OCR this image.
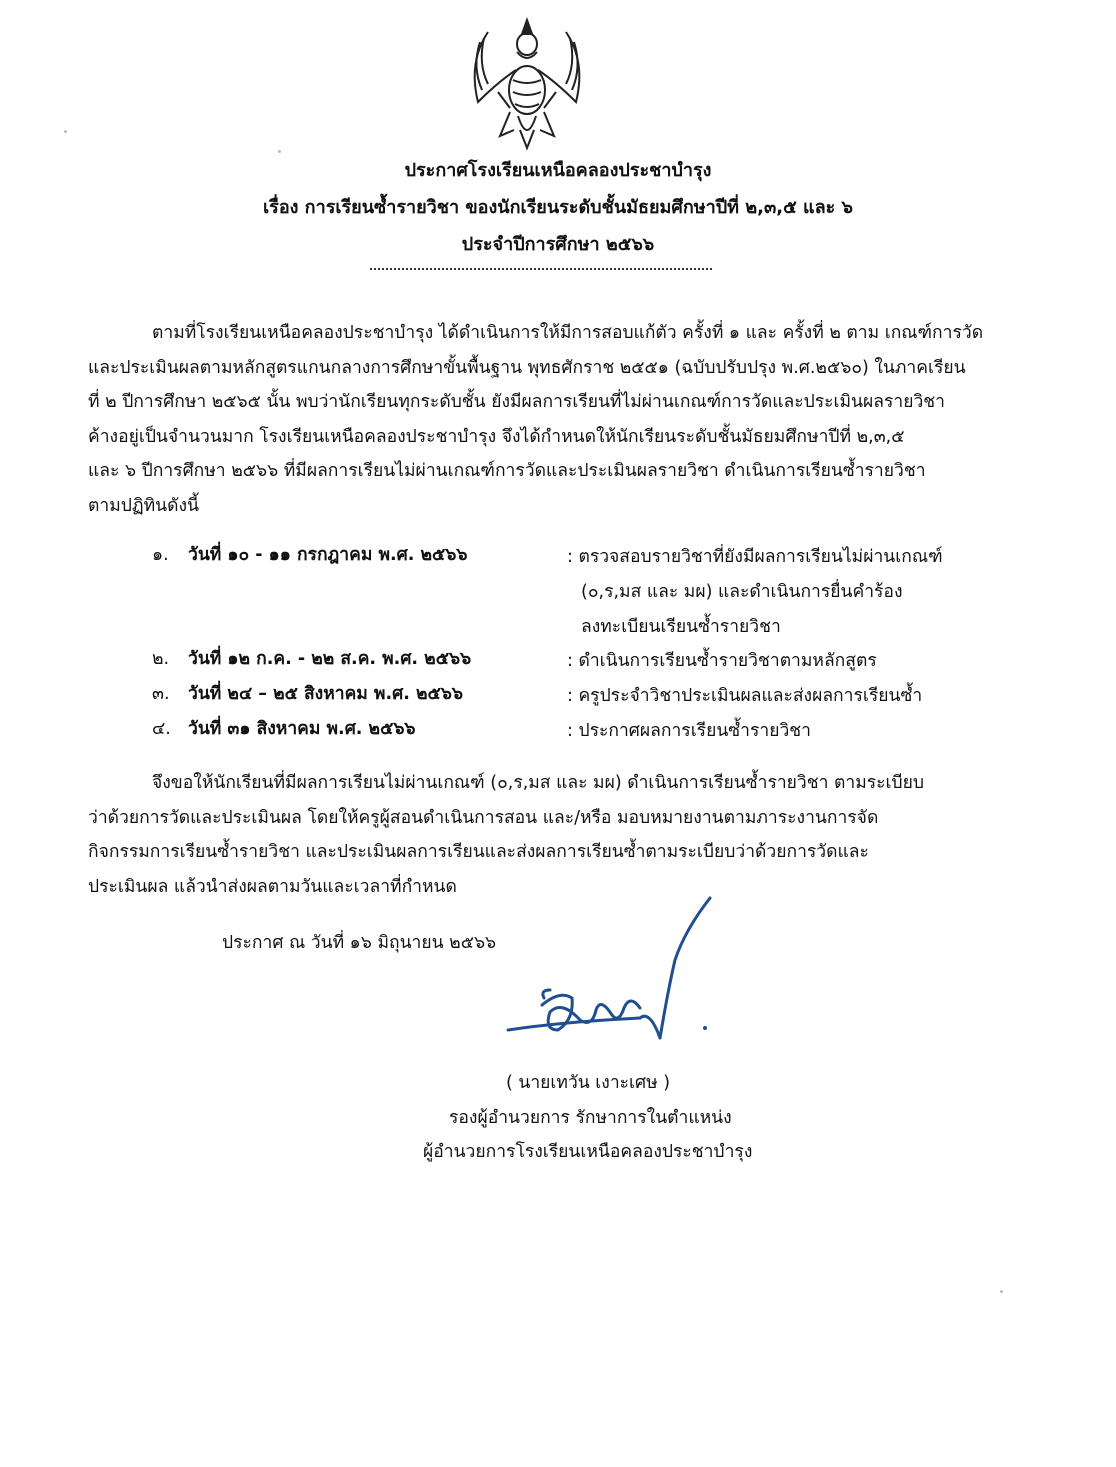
ประกาศโรงเรียนเหนือคลองประชาบำรุง
เรื่อง การเรียนซ้ำรายวิชา ของนักเรียนระดับชั้นมัธยมศึกษาปีที่ ๒,๓,๕ และ ๖
ประจำปีการศึกษา ๒๕๖๖
ตามที่โรงเรียนเหนือคลองประชาบำรุง ได้ดำเนินการให้มีการสอบแก้ตัว ครั้งที่ ๑ และ ครั้งที่ ๒ ตาม เกณฑ์การวัด
และประเมินผลตามหลักสูตรแกนกลางการศึกษาขั้นพื้นฐาน พุทธศักราช ๒๕๕๑ (ฉบับปรับปรุง พ.ศ.๒๕๖๐) ในภาคเรียน
ที่ ๒ ปีการศึกษา ๒๕๖๕ นั้น พบว่านักเรียนทุกระดับชั้น ยังมีผลการเรียนที่ไม่ผ่านเกณฑ์การวัดและประเมินผลรายวิชา
ค้างอยู่เป็นจำนวนมาก โรงเรียนเหนือคลองประชาบำรุง จึงได้กำหนดให้นักเรียนระดับชั้นมัธยมศึกษาปีที่ ๒,๓,๕
และ ๖ ปีการศึกษา ๒๕๖๖ ที่มีผลการเรียนไม่ผ่านเกณฑ์การวัดและประเมินผลรายวิชา ดำเนินการเรียนซ้ำรายวิชา
ตามปฏิทินดังนี้
๑. วันที่ ๑๐ - ๑๑ กรกฎาคม พ.ศ. ๒๕๖๖	: ตรวจสอบรายวิชาที่ยังมีผลการเรียนไม่ผ่านเกณฑ์
(๐,ร,มส และ มผ) และดำเนินการยื่นคำร้อง
ลงทะเบียนเรียนซ้ำรายวิชา
๒. วันที่ ๑๒ ก.ค. - ๒๒ ส.ค. พ.ศ. ๒๕๖๖	: ดำเนินการเรียนซ้ำรายวิชาตามหลักสูตร
๓. วันที่ ๒๔ – ๒๕ สิงหาคม พ.ศ. ๒๕๖๖	: ครูประจำวิชาประเมินผลและส่งผลการเรียนซ้ำ
๔. วันที่ ๓๑ สิงหาคม พ.ศ. ๒๕๖๖	: ประกาศผลการเรียนซ้ำรายวิชา
จึงขอให้นักเรียนที่มีผลการเรียนไม่ผ่านเกณฑ์ (๐,ร,มส และ มผ) ดำเนินการเรียนซ้ำรายวิชา ตามระเบียบ
ว่าด้วยการวัดและประเมินผล โดยให้ครูผู้สอนดำเนินการสอน และ/หรือ มอบหมายงานตามภาระงานการจัด
กิจกรรมการเรียนซ้ำรายวิชา และประเมินผลการเรียนและส่งผลการเรียนซ้ำตามระเบียบว่าด้วยการวัดและ
ประเมินผล แล้วนำส่งผลตามวันและเวลาที่กำหนด
ประกาศ ณ วันที่ ๑๖ มิถุนายน ๒๕๖๖
( นายเทวัน เงาะเศษ )
รองผู้อำนวยการ รักษาการในตำแหน่ง
ผู้อำนวยการโรงเรียนเหนือคลองประชาบำรุง
